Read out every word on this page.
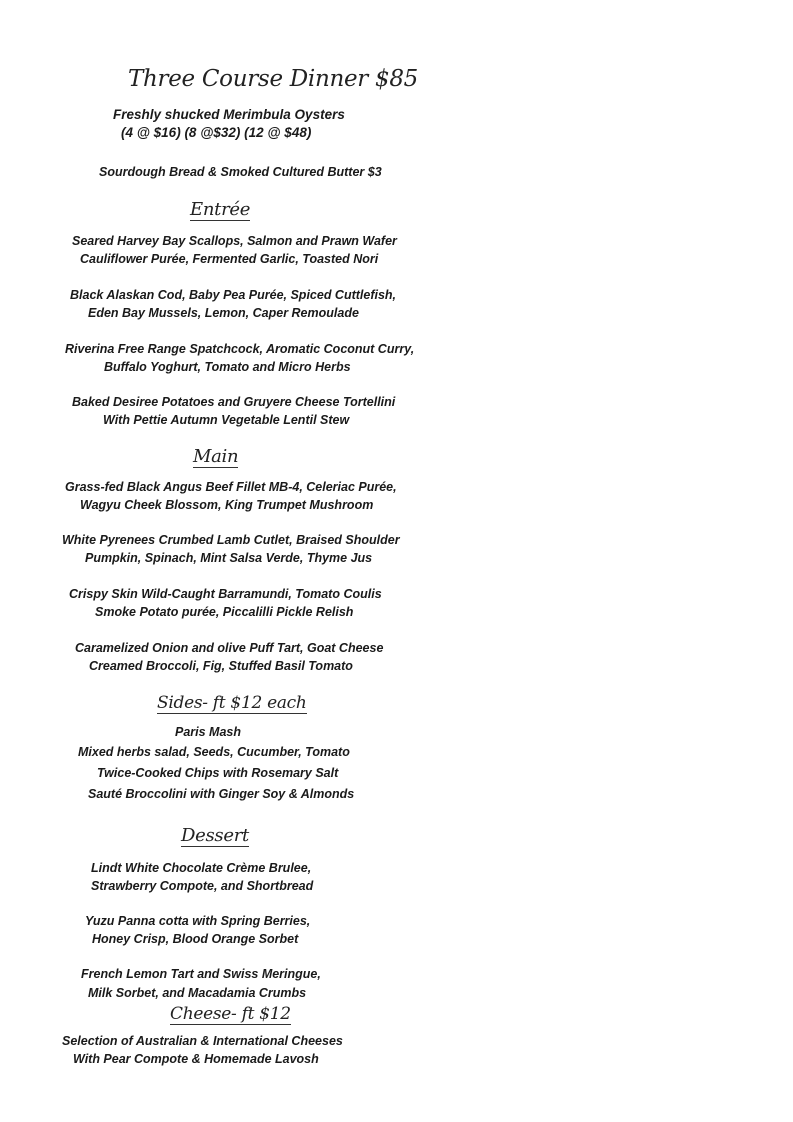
Three Course Dinner $85
Freshly shucked Merimbula Oysters
(4 @ $16) (8 @$32) (12 @ $48)
Sourdough Bread & Smoked Cultured Butter $3
Entrée
Seared Harvey Bay Scallops, Salmon and Prawn Wafer
Cauliflower Purée, Fermented Garlic, Toasted Nori
Black Alaskan Cod, Baby Pea Purée, Spiced Cuttlefish,
Eden Bay Mussels, Lemon, Caper Remoulade
Riverina Free Range Spatchcock, Aromatic Coconut Curry,
Buffalo Yoghurt, Tomato and Micro Herbs
Baked Desiree Potatoes and Gruyere Cheese Tortellini
With Pettie Autumn Vegetable Lentil Stew
Main
Grass-fed Black Angus Beef Fillet MB-4, Celeriac Purée,
Wagyu Cheek Blossom, King Trumpet Mushroom
White Pyrenees Crumbed Lamb Cutlet, Braised Shoulder
Pumpkin, Spinach, Mint Salsa Verde, Thyme Jus
Crispy Skin Wild-Caught Barramundi, Tomato Coulis
Smoke Potato purée, Piccalilli Pickle Relish
Caramelized Onion and olive Puff Tart, Goat Cheese
Creamed Broccoli, Fig, Stuffed Basil Tomato
Sides- ft $12 each
Paris Mash
Mixed herbs salad, Seeds, Cucumber, Tomato
Twice-Cooked Chips with Rosemary Salt
Sauté Broccolini with Ginger Soy & Almonds
Dessert
Lindt White Chocolate Crème Brulee,
Strawberry Compote, and Shortbread
Yuzu Panna cotta with Spring Berries,
Honey Crisp, Blood Orange Sorbet
French Lemon Tart and Swiss Meringue,
Milk Sorbet, and Macadamia Crumbs
Cheese- ft $12
Selection of Australian & International Cheeses
With Pear Compote & Homemade Lavosh
